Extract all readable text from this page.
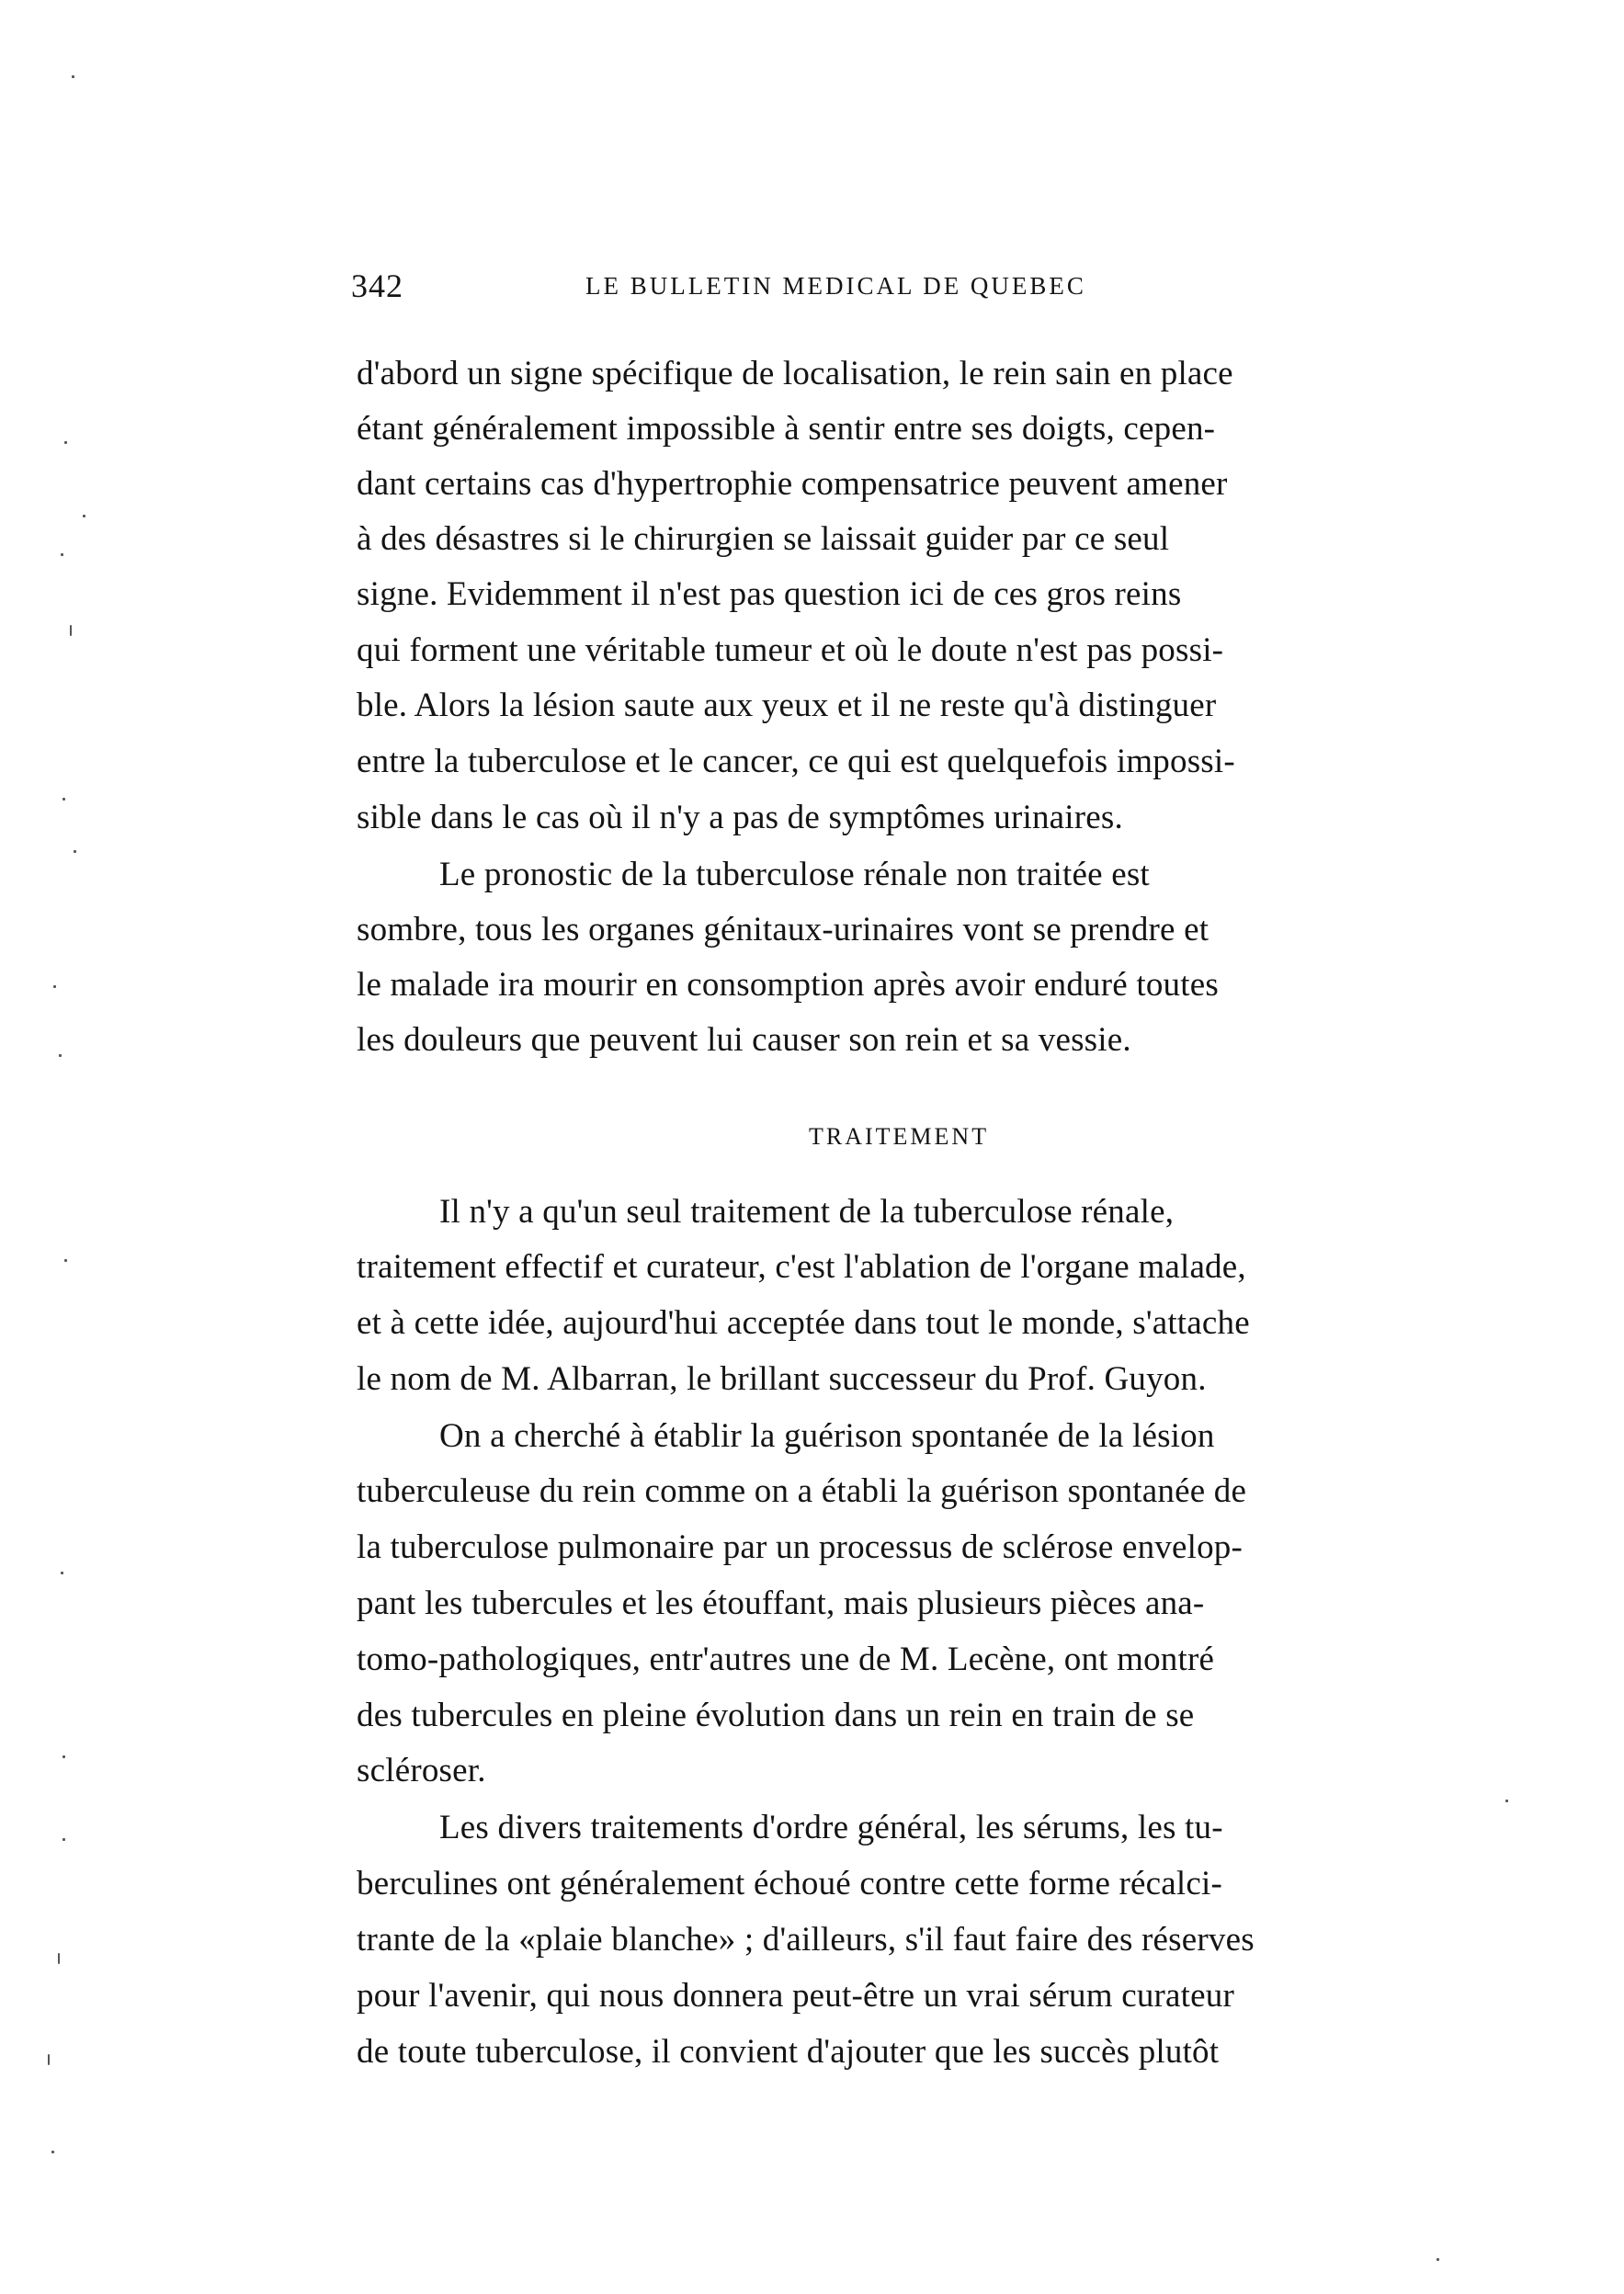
342	LE BULLETIN MEDICAL DE QUEBEC
d'abord un signe spécifique de localisation, le rein sain en place
étant généralement impossible à sentir entre ses doigts, cepen-
dant certains cas d'hypertrophie compensatrice peuvent amener
à des désastres si le chirurgien se laissait guider par ce seul
signe. Evidemment il n'est pas question ici de ces gros reins
qui forment une véritable tumeur et où le doute n'est pas possi-
ble. Alors la lésion saute aux yeux et il ne reste qu'à distinguer
entre la tuberculose et le cancer, ce qui est quelquefois impossi-
sible dans le cas où il n'y a pas de symptômes urinaires.
Le pronostic de la tuberculose rénale non traitée est
sombre, tous les organes génitaux-urinaires vont se prendre et
le malade ira mourir en consomption après avoir enduré toutes
les douleurs que peuvent lui causer son rein et sa vessie.
TRAITEMENT
Il n'y a qu'un seul traitement de la tuberculose rénale,
traitement effectif et curateur, c'est l'ablation de l'organe malade,
et à cette idée, aujourd'hui acceptée dans tout le monde, s'attache
le nom de M. Albarran, le brillant successeur du Prof. Guyon.
On a cherché à établir la guérison spontanée de la lésion
tuberculeuse du rein comme on a établi la guérison spontanée de
la tuberculose pulmonaire par un processus de sclérose envelop-
pant les tubercules et les étouffant, mais plusieurs pièces ana-
tomo-pathologiques, entr'autres une de M. Lecène, ont montré
des tubercules en pleine évolution dans un rein en train de se
scléroser.
Les divers traitements d'ordre général, les sérums, les tu-
berculines ont généralement échoué contre cette forme récalci-
trante de la «plaie blanche» ; d'ailleurs, s'il faut faire des réserves
pour l'avenir, qui nous donnera peut-être un vrai sérum curateur
de toute tuberculose, il convient d'ajouter que les succès plutôt
